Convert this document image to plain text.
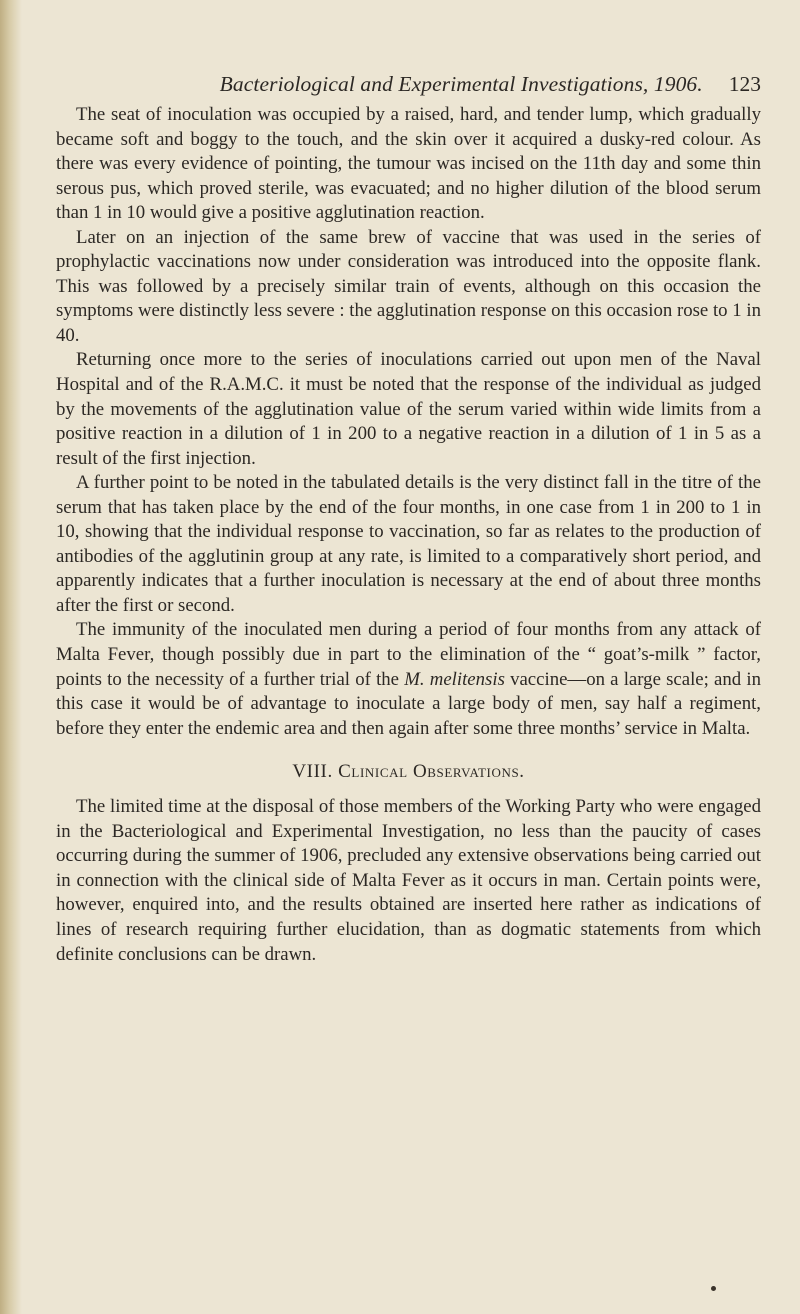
Bacteriological and Experimental Investigations, 1906. 123

The seat of inoculation was occupied by a raised, hard, and tender lump, which gradually became soft and boggy to the touch, and the skin over it acquired a dusky-red colour. As there was every evidence of pointing, the tumour was incised on the 11th day and some thin serous pus, which proved sterile, was evacuated; and no higher dilution of the blood serum than 1 in 10 would give a positive agglutination reaction.

Later on an injection of the same brew of vaccine that was used in the series of prophylactic vaccinations now under consideration was introduced into the opposite flank. This was followed by a precisely similar train of events, although on this occasion the symptoms were distinctly less severe : the agglutination response on this occasion rose to 1 in 40.

Returning once more to the series of inoculations carried out upon men of the Naval Hospital and of the R.A.M.C. it must be noted that the response of the individual as judged by the movements of the agglutination value of the serum varied within wide limits from a positive reaction in a dilution of 1 in 200 to a negative reaction in a dilution of 1 in 5 as a result of the first injection.

A further point to be noted in the tabulated details is the very distinct fall in the titre of the serum that has taken place by the end of the four months, in one case from 1 in 200 to 1 in 10, showing that the individual response to vaccination, so far as relates to the production of antibodies of the agglutinin group at any rate, is limited to a comparatively short period, and apparently indicates that a further inoculation is necessary at the end of about three months after the first or second.

The immunity of the inoculated men during a period of four months from any attack of Malta Fever, though possibly due in part to the elimination of the “ goat’s-milk ” factor, points to the necessity of a further trial of the M. melitensis vaccine—on a large scale; and in this case it would be of advantage to inoculate a large body of men, say half a regiment, before they enter the endemic area and then again after some three months’ service in Malta.

VIII. Clinical Observations.

The limited time at the disposal of those members of the Working Party who were engaged in the Bacteriological and Experimental Investigation, no less than the paucity of cases occurring during the summer of 1906, precluded any extensive observations being carried out in connection with the clinical side of Malta Fever as it occurs in man. Certain points were, however, enquired into, and the results obtained are inserted here rather as indications of lines of research requiring further elucidation, than as dogmatic statements from which definite conclusions can be drawn.
